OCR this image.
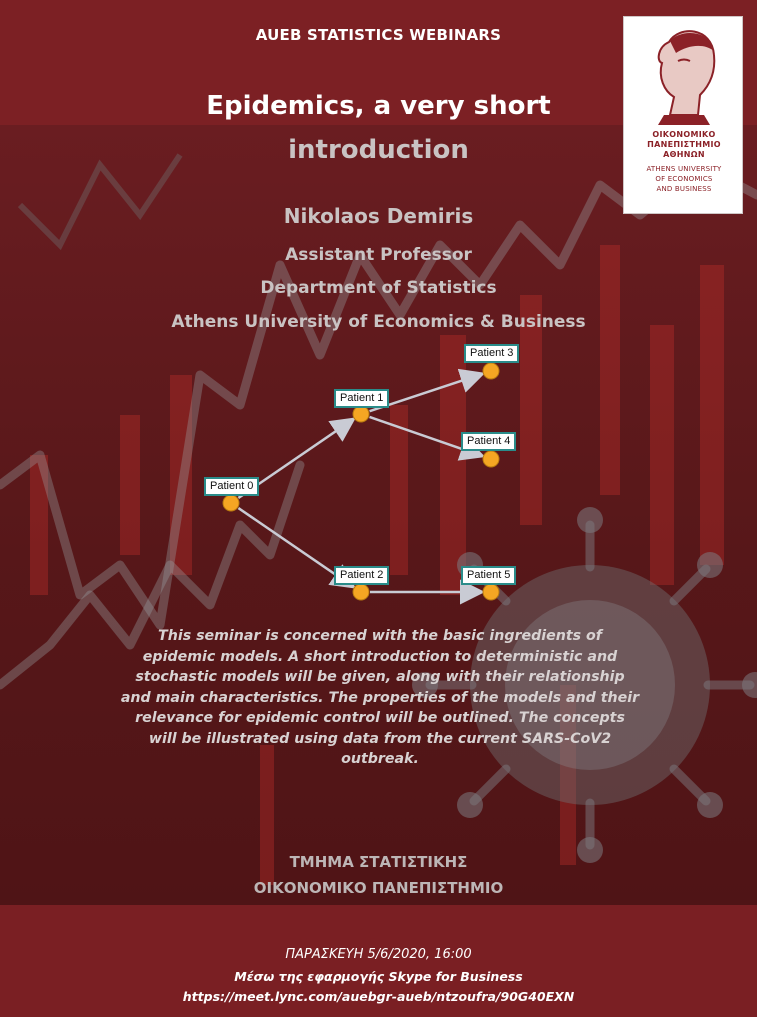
ΟΙΚΟΝΟΜΙΚΟ
ΠΑΝΕΠΙΣΤΗΜΙΟ
ΑΘΗΝΩΝ
ATHENS UNIVERSITY
OF ECONOMICS
AND BUSINESS
AUEB STATISTICS WEBINARS
Epidemics, a very short
introduction
Nikolaos Demiris
Assistant Professor
Department of Statistics
Athens University of Economics & Business
Patient 0
Patient 1
Patient 2
Patient 3
Patient 4
Patient 5
This seminar is concerned with the basic ingredients of epidemic models. A short introduction to deterministic and stochastic models will be given, along with their relationship and main characteristics. The properties of the models and their relevance for epidemic control will be outlined. The concepts will be illustrated using data from the current SARS-CoV2 outbreak.
ΤΜΗΜΑ ΣΤΑΤΙΣΤΙΚΗΣ
ΟΙΚΟΝΟΜΙΚΟ ΠΑΝΕΠΙΣΤΗΜΙΟ
ΠΑΡΑΣΚΕΥΗ 5/6/2020, 16:00
Μέσω της εφαρμογής Skype for Business
https://meet.lync.com/auebgr-aueb/ntzoufra/90G40EXN
